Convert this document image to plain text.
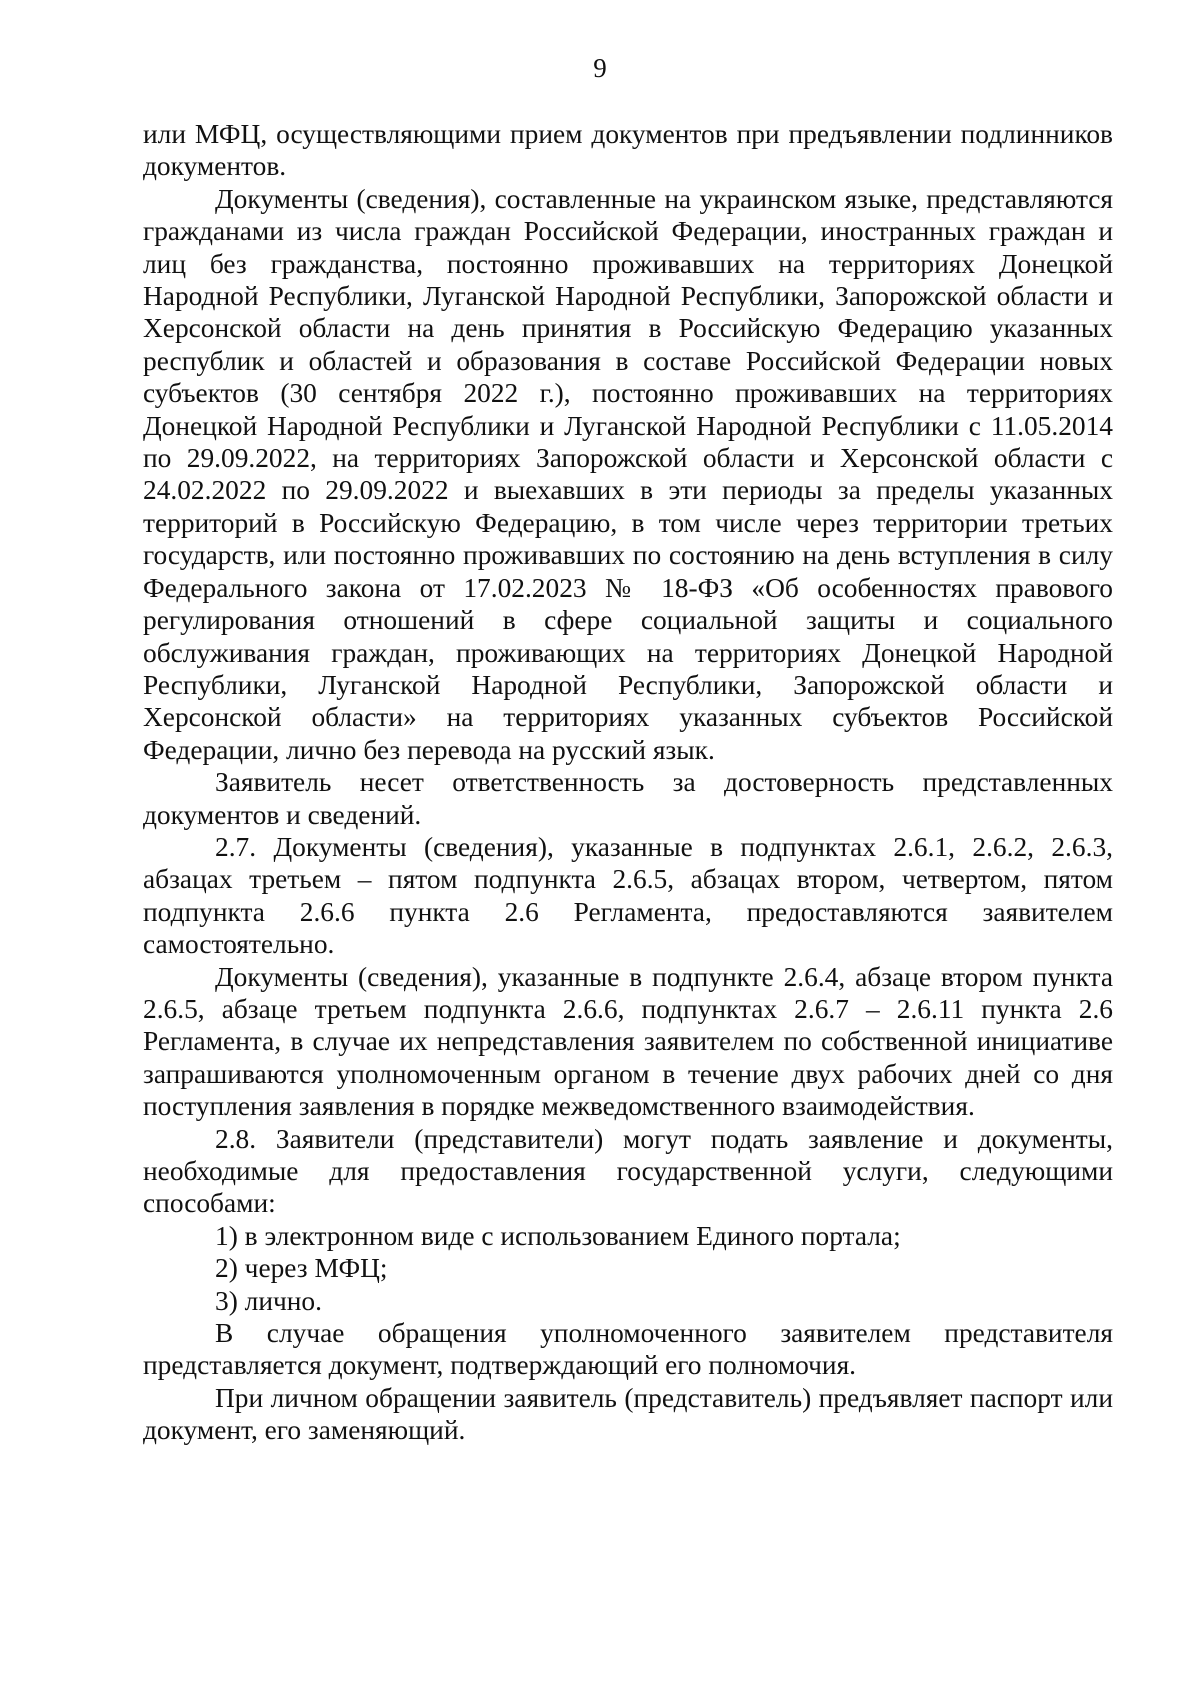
9

или МФЦ, осуществляющими прием документов при предъявлении подлинников документов.

Документы (сведения), составленные на украинском языке, представляются гражданами из числа граждан Российской Федерации, иностранных граждан и лиц без гражданства, постоянно проживавших на территориях Донецкой Народной Республики, Луганской Народной Республики, Запорожской области и Херсонской области на день принятия в Российскую Федерацию указанных республик и областей и образования в составе Российской Федерации новых субъектов (30 сентября 2022 г.), постоянно проживавших на территориях Донецкой Народной Республики и Луганской Народной Республики с 11.05.2014 по 29.09.2022, на территориях Запорожской области и Херсонской области с 24.02.2022 по 29.09.2022 и выехавших в эти периоды за пределы указанных территорий в Российскую Федерацию, в том числе через территории третьих государств, или постоянно проживавших по состоянию на день вступления в силу Федерального закона от 17.02.2023 № 18-ФЗ «Об особенностях правового регулирования отношений в сфере социальной защиты и социального обслуживания граждан, проживающих на территориях Донецкой Народной Республики, Луганской Народной Республики, Запорожской области и Херсонской области» на территориях указанных субъектов Российской Федерации, лично без перевода на русский язык.

Заявитель несет ответственность за достоверность представленных документов и сведений.

2.7. Документы (сведения), указанные в подпунктах 2.6.1, 2.6.2, 2.6.3, абзацах третьем – пятом подпункта 2.6.5, абзацах втором, четвертом, пятом подпункта 2.6.6 пункта 2.6 Регламента, предоставляются заявителем самостоятельно.

Документы (сведения), указанные в подпункте 2.6.4, абзаце втором пункта 2.6.5, абзаце третьем подпункта 2.6.6, подпунктах 2.6.7 – 2.6.11 пункта 2.6 Регламента, в случае их непредставления заявителем по собственной инициативе запрашиваются уполномоченным органом в течение двух рабочих дней со дня поступления заявления в порядке межведомственного взаимодействия.

2.8. Заявители (представители) могут подать заявление и документы, необходимые для предоставления государственной услуги, следующими способами:

1) в электронном виде с использованием Единого портала;

2) через МФЦ;

3) лично.

В случае обращения уполномоченного заявителем представителя представляется документ, подтверждающий его полномочия.

При личном обращении заявитель (представитель) предъявляет паспорт или документ, его заменяющий.
